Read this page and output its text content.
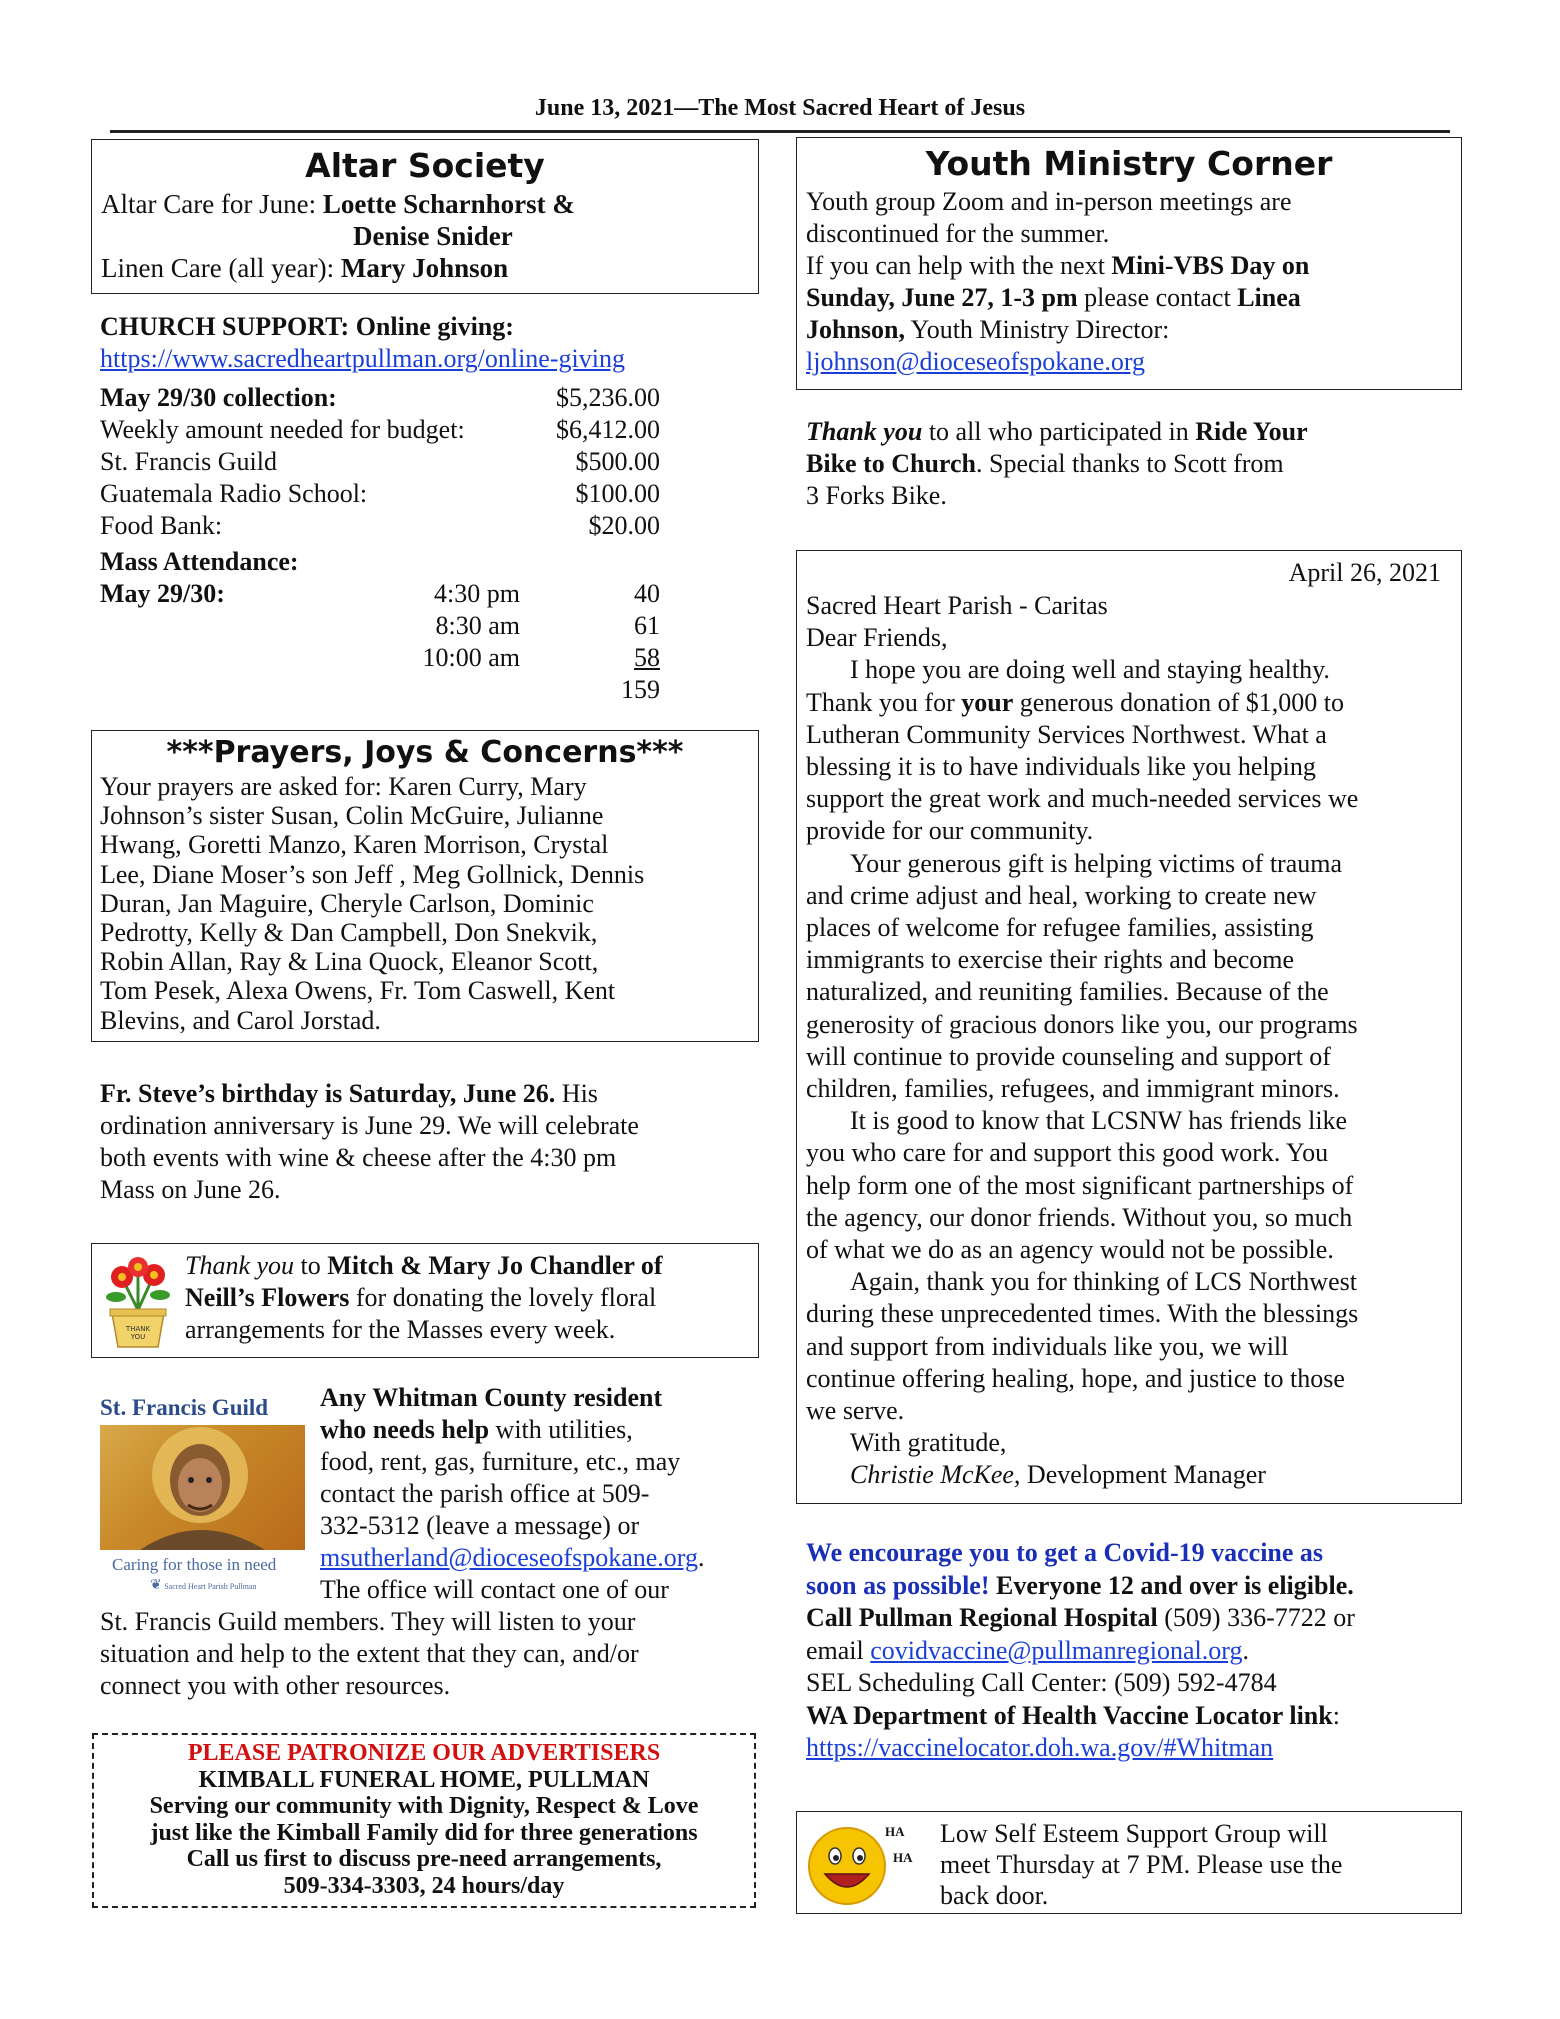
June 13, 2021—The Most Sacred Heart of Jesus
Altar Society
Altar Care for June: Loette Scharnhorst &
Denise Snider
Linen Care (all year): Mary Johnson
CHURCH SUPPORT: Online giving:
https://www.sacredheartpullman.org/online-giving
May 29/30 collection:	$5,236.00
Weekly amount needed for budget:	$6,412.00
St. Francis Guild	$500.00
Guatemala Radio School:	$100.00
Food Bank:	$20.00
Mass Attendance:
May 29/30:	4:30 pm	40
8:30 am	61
10:00 am	58
159
***Prayers, Joys & Concerns***
Your prayers are asked for: Karen Curry, Mary
Johnson’s sister Susan, Colin McGuire, Julianne
Hwang, Goretti Manzo, Karen Morrison, Crystal
Lee, Diane Moser’s son Jeff , Meg Gollnick, Dennis
Duran, Jan Maguire, Cheryle Carlson, Dominic
Pedrotty, Kelly & Dan Campbell, Don Snekvik,
Robin Allan, Ray & Lina Quock, Eleanor Scott,
Tom Pesek, Alexa Owens, Fr. Tom Caswell, Kent
Blevins, and Carol Jorstad.
Fr. Steve’s birthday is Saturday, June 26. His
ordination anniversary is June 29. We will celebrate
both events with wine & cheese after the 4:30 pm
Mass on June 26.
THANK YOU
Thank you to Mitch & Mary Jo Chandler of
Neill’s Flowers for donating the lovely floral
arrangements for the Masses every week.
St. Francis Guild
Caring for those in need
❦ Sacred Heart Parish Pullman
Any Whitman County resident
who needs help with utilities,
food, rent, gas, furniture, etc., may
contact the parish office at 509-
332-5312 (leave a message) or
msutherland@dioceseofspokane.org.
The office will contact one of our
St. Francis Guild members. They will listen to your
situation and help to the extent that they can, and/or
connect you with other resources.
PLEASE PATRONIZE OUR ADVERTISERS
KIMBALL FUNERAL HOME, PULLMAN
Serving our community with Dignity, Respect & Love
just like the Kimball Family did for three generations
Call us first to discuss pre-need arrangements,
509-334-3303, 24 hours/day
Youth Ministry Corner
Youth group Zoom and in-person meetings are
discontinued for the summer.
If you can help with the next Mini-VBS Day on
Sunday, June 27, 1-3 pm please contact Linea
Johnson, Youth Ministry Director:
ljohnson@dioceseofspokane.org
Thank you to all who participated in Ride Your
Bike to Church. Special thanks to Scott from
3 Forks Bike.
April 26, 2021
Sacred Heart Parish - Caritas
Dear Friends,
I hope you are doing well and staying healthy.
Thank you for your generous donation of $1,000 to
Lutheran Community Services Northwest. What a
blessing it is to have individuals like you helping
support the great work and much-needed services we
provide for our community.
Your generous gift is helping victims of trauma
and crime adjust and heal, working to create new
places of welcome for refugee families, assisting
immigrants to exercise their rights and become
naturalized, and reuniting families. Because of the
generosity of gracious donors like you, our programs
will continue to provide counseling and support of
children, families, refugees, and immigrant minors.
It is good to know that LCSNW has friends like
you who care for and support this good work. You
help form one of the most significant partnerships of
the agency, our donor friends. Without you, so much
of what we do as an agency would not be possible.
Again, thank you for thinking of LCS Northwest
during these unprecedented times. With the blessings
and support from individuals like you, we will
continue offering healing, hope, and justice to those
we serve.
With gratitude,
Christie McKee, Development Manager
We encourage you to get a Covid-19 vaccine as
soon as possible! Everyone 12 and over is eligible.
Call Pullman Regional Hospital (509) 336-7722 or
email covidvaccine@pullmanregional.org.
SEL Scheduling Call Center: (509) 592-4784
WA Department of Health Vaccine Locator link:
https://vaccinelocator.doh.wa.gov/#Whitman
HA
HA
Low Self Esteem Support Group will
meet Thursday at 7 PM. Please use the
back door.
